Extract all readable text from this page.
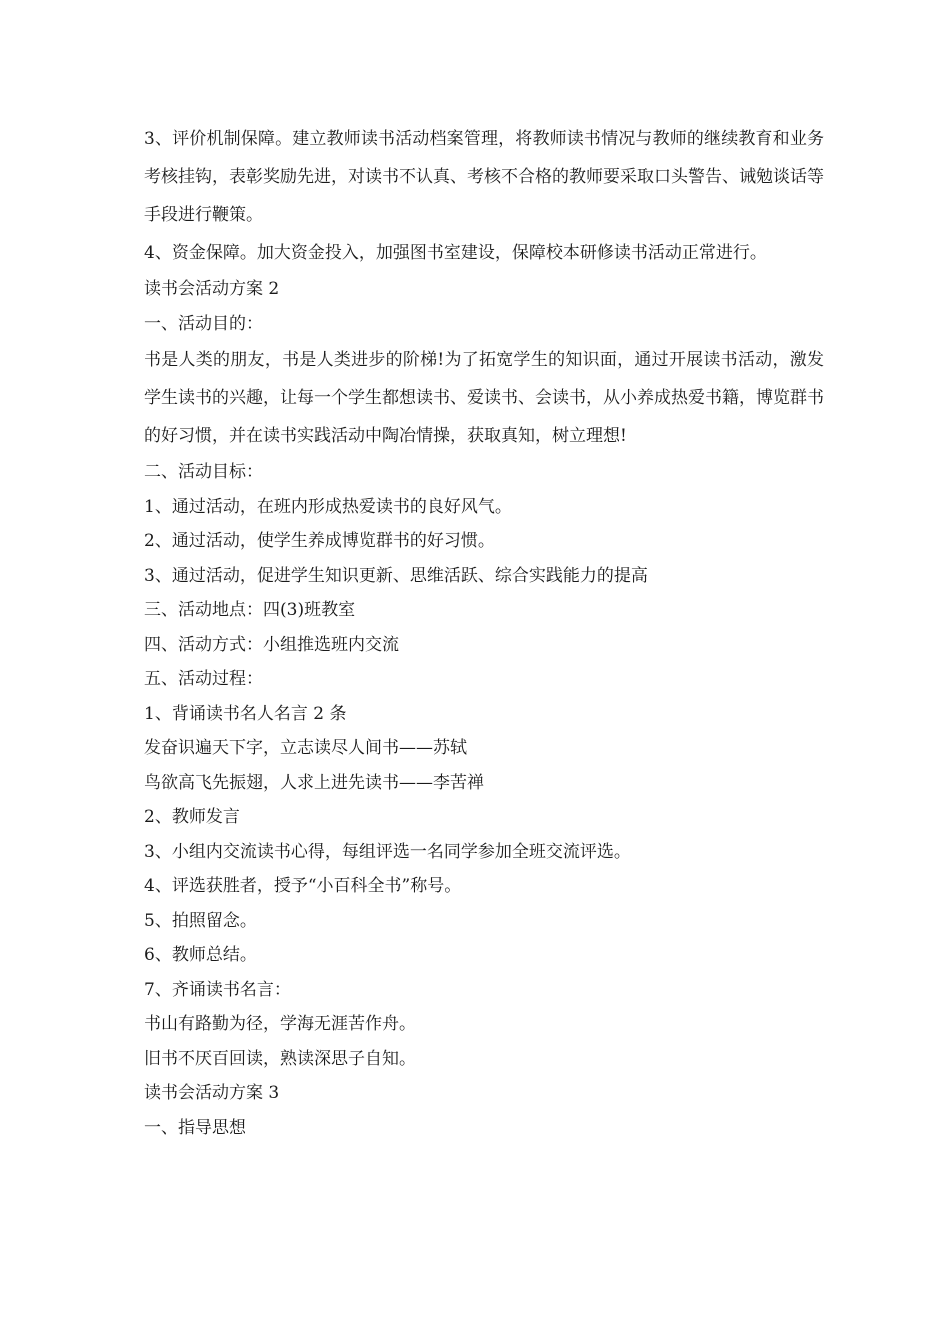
3、评价机制保障。建立教师读书活动档案管理，将教师读书情况与教师的继续教育和业务考核挂钩，表彰奖励先进，对读书不认真、考核不合格的教师要采取口头警告、诫勉谈话等手段进行鞭策。

4、资金保障。加大资金投入，加强图书室建设，保障校本研修读书活动正常进行。

读书会活动方案 2

一、活动目的：

书是人类的朋友，书是人类进步的阶梯!为了拓宽学生的知识面，通过开展读书活动，激发学生读书的兴趣，让每一个学生都想读书、爱读书、会读书，从小养成热爱书籍，博览群书的好习惯，并在读书实践活动中陶冶情操，获取真知，树立理想!

二、活动目标：

1、通过活动，在班内形成热爱读书的良好风气。

2、通过活动，使学生养成博览群书的好习惯。

3、通过活动，促进学生知识更新、思维活跃、综合实践能力的提高

三、活动地点：四(3)班教室

四、活动方式：小组推选班内交流

五、活动过程：

1、背诵读书名人名言 2 条

发奋识遍天下字，立志读尽人间书——苏轼

鸟欲高飞先振翅，人求上进先读书——李苦禅

2、教师发言

3、小组内交流读书心得，每组评选一名同学参加全班交流评选。

4、评选获胜者，授予“小百科全书”称号。

5、拍照留念。

6、教师总结。

7、齐诵读书名言：

书山有路勤为径，学海无涯苦作舟。

旧书不厌百回读，熟读深思子自知。

读书会活动方案 3

一、指导思想
